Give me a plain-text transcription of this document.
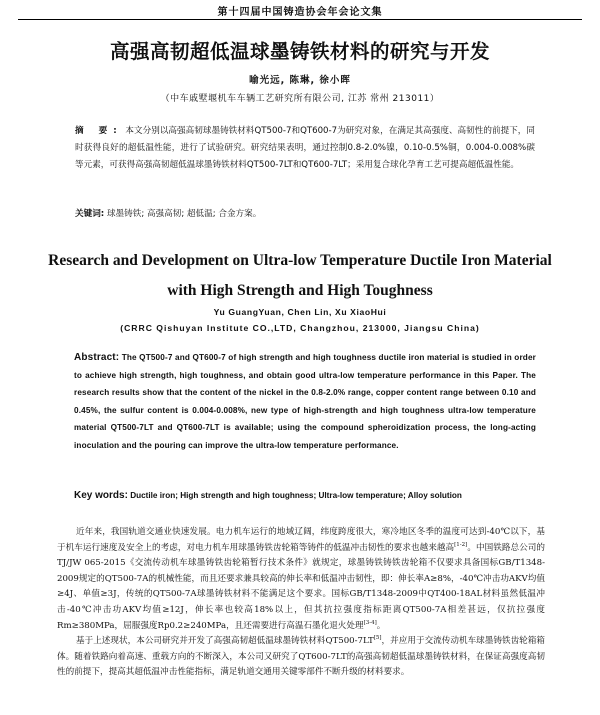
第十四届中国铸造协会年会论文集
高强高韧超低温球墨铸铁材料的研究与开发
喻光远, 陈琳, 徐小晖
（中车戚墅堰机车车辆工艺研究所有限公司, 江苏 常州 213011）
摘 要: 本文分别以高强高韧球墨铸铁材料QT500-7和QT600-7为研究对象，在满足其高强度、高韧性的前提下，同时获得良好的超低温性能，进行了试验研究。研究结果表明，通过控制0.8-2.0%镍，0.10-0.5%铜，0.004-0.008%碳等元素，可获得高强高韧超低温球墨铸铁材料QT500-7LT和QT600-7LT；采用复合球化孕育工艺可提高超低温性能。
关键词: 球墨铸铁; 高强高韧; 超低温; 合金方案。
Research and Development on Ultra-low Temperature Ductile Iron Material
with High Strength and High Toughness
Yu GuangYuan, Chen Lin, Xu XiaoHui
(CRRC Qishuyan Institute CO.,LTD, Changzhou, 213000, Jiangsu China)
Abstract: The QT500-7 and QT600-7 of high strength and high toughness ductile iron material is studied in order to achieve high strength, high toughness, and obtain good ultra-low temperature performance in this Paper. The research results show that the content of the nickel in the 0.8-2.0% range, copper content range between 0.10 and 0.45%, the sulfur content is 0.004-0.008%, new type of high-strength and high toughness ultra-low temperature material QT500-7LT and QT600-7LT is available; using the compound spheroidization process, the long-acting inoculation and the pouring can improve the ultra-low temperature performance.
Key words: Ductile iron; High strength and high toughness; Ultra-low temperature; Alloy solution

近年来，我国轨道交通业快速发展。电力机车运行的地域辽阔，纬度跨度很大，寒冷地区冬季的温度可达到-40℃以下，基于机车运行速度及安全上的考虑，对电力机车用球墨铸铁齿轮箱等铸件的低温冲击韧性的要求也越来越高[1-2]。中国铁路总公司的TJ/JW 065-2015《交流传动机车球墨铸铁齿轮箱暂行技术条件》就规定，球墨铸铁铸铁齿轮箱不仅要求具备国标GB/T1348-2009规定的QT500-7A的机械性能，而且还要求兼具较高的伸长率和低温冲击韧性，即：伸长率A≥8%，-40℃冲击功AKV均值≥4J、单值≥3J，传统的QT500-7A球墨铸铁材料不能满足这个要求。国标GB/T1348-2009中QT400-18AL材料虽然低温冲击-40℃冲击功AKV均值≥12J，伸长率也较高18%以上，但其抗拉强度指标距离QT500-7A相差甚远，仅抗拉强度Rm≥380MPa，屈服强度Rp0.2≥240MPa，且还需要进行高温石墨化退火处理[3-4]。

基于上述现状，本公司研究并开发了高强高韧超低温球墨铸铁材料QT500-7LT[5]，并应用于交流传动机车球墨铸铁齿轮箱箱体。随着铁路向着高速、重载方向的不断深入，本公司又研究了QT600-7LT的高强高韧超低温球墨铸铁材料，在保证高强度高韧性的前提下，提高其超低温冲击性能指标，满足轨道交通用关键零部件不断升级的材料要求。
